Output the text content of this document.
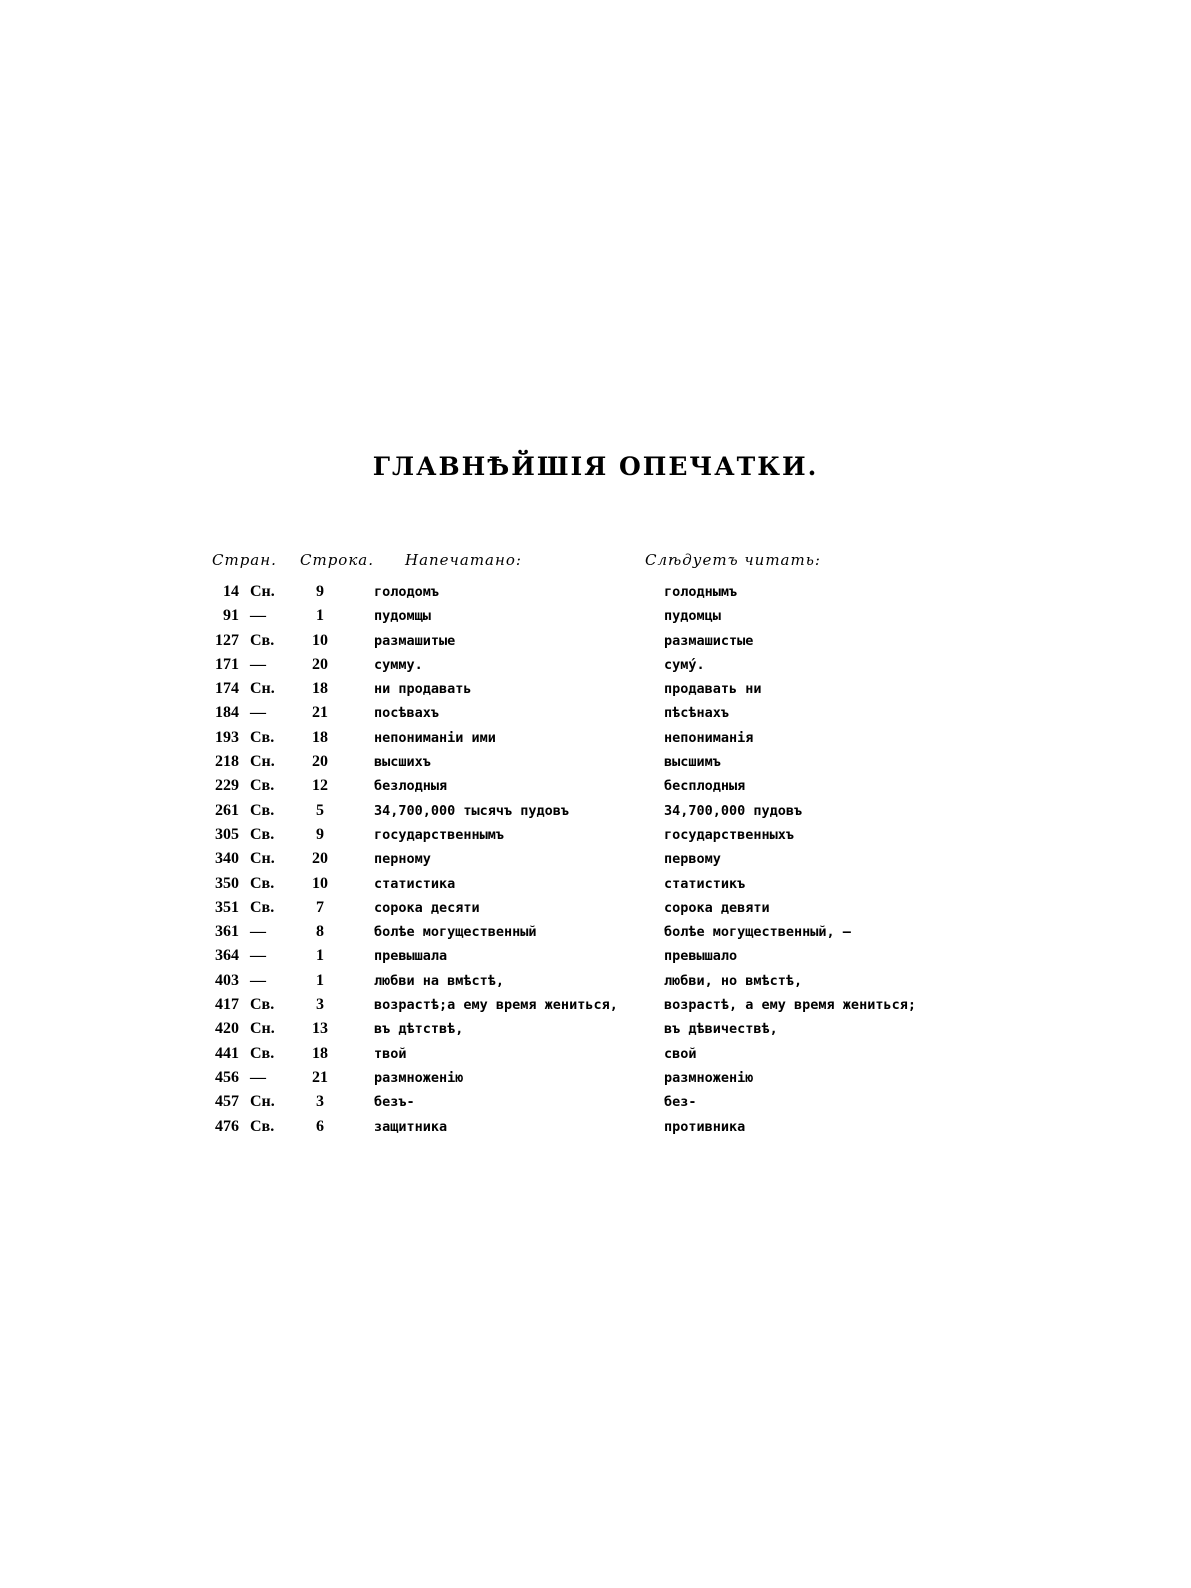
ГЛАВНѢЙШІЯ ОПЕЧАТКИ.
Стран. Строка. Напечатано:	Слѣдуетъ читать:
14 Сн.	9	голодомъ	голоднымъ
91 —	1	пудомщы	пудомцы
127 Св.	10	размашитые	размашистые
171 —	20	сумму.	суму́.
174 Сн.	18	ни продавать	продавать ни
184 —	21	посѣвахъ	пѣсѣнахъ
193 Св.	18	непониманіи ими	непониманія
218 Сн.	20	высшихъ	высшимъ
229 Св.	12	безлодныя	бесплодныя
261 Св.	5	34,700,000 тысячъ пудовъ	34,700,000 пудовъ
305 Св.	9	государственнымъ	государственныхъ
340 Сн.	20	перному	первому
350 Св.	10	статистика	статистикъ
351 Св.	7	сорока десяти	сорока девяти
361 —	8	болѣе могущественный	болѣе могущественный, —
364 —	1	превышала	превышало
403 —	1	любви на вмѣстѣ,	любви, но вмѣстѣ,
417 Св.	3	возрастѣ;а ему время жениться,	возрастѣ, а ему время жениться;
420 Сн.	13	въ дѣтствѣ,	въ дѣвичествѣ,
441 Св.	18	твой	свой
456 —	21	размноженію	размноженію
457 Сн.	3	безъ-	без-
476 Св.	6	защитника	противника
